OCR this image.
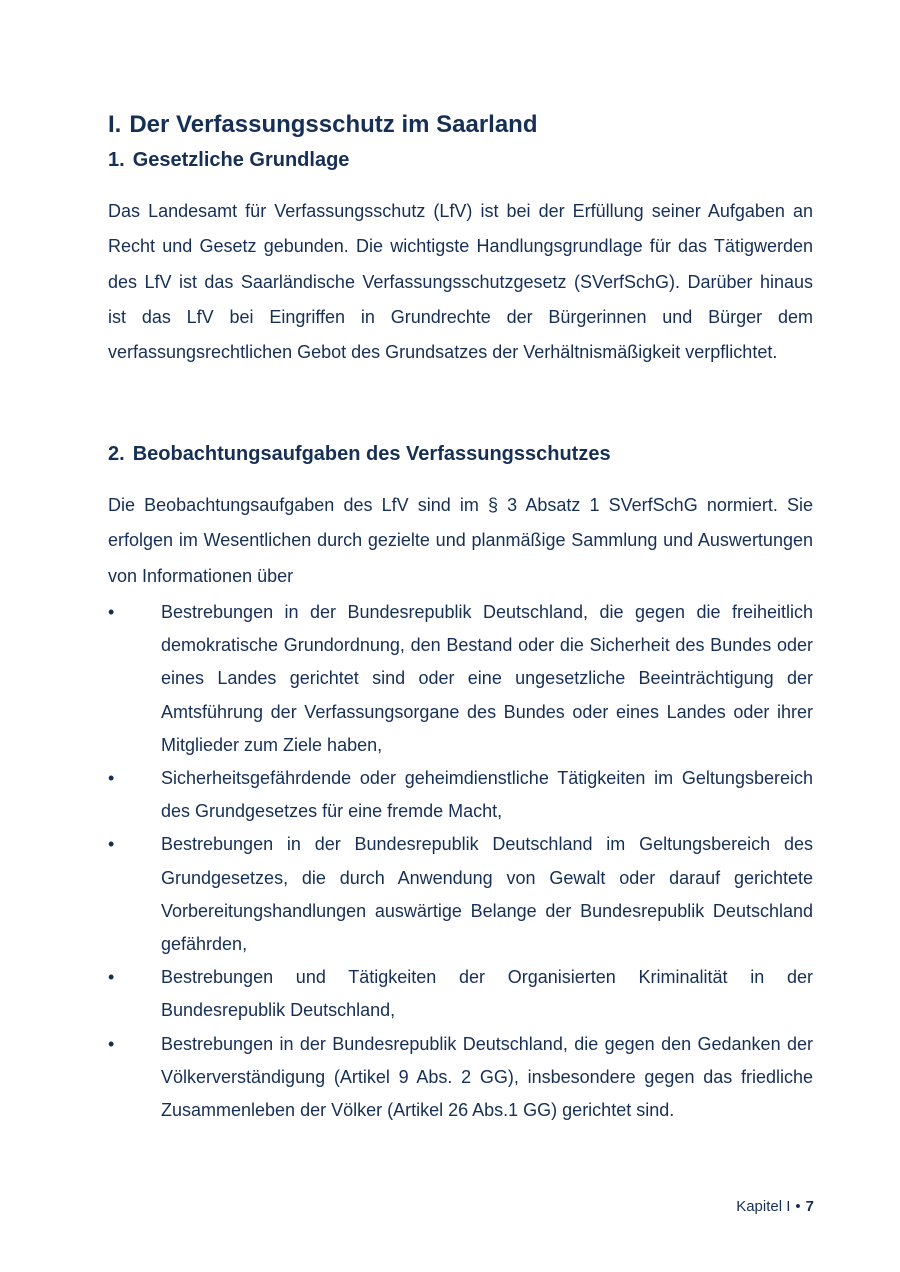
I. Der Verfassungsschutz im Saarland
1. Gesetzliche Grundlage

Das Landesamt für Verfassungsschutz (LfV) ist bei der Erfüllung seiner Aufgaben an Recht und Gesetz gebunden. Die wichtigste Handlungsgrundlage für das Tätigwerden des LfV ist das Saarländische Verfassungsschutzgesetz (SVerfSchG). Darüber hinaus ist das LfV bei Eingriffen in Grundrechte der Bürgerinnen und Bürger dem verfassungsrechtlichen Gebot des Grundsatzes der Verhältnismäßigkeit verpflichtet.

2. Beobachtungsaufgaben des Verfassungsschutzes

Die Beobachtungsaufgaben des LfV sind im § 3 Absatz 1 SVerfSchG normiert. Sie erfolgen im Wesentlichen durch gezielte und planmäßige Sammlung und Auswertungen von Informationen über

•	Bestrebungen in der Bundesrepublik Deutschland, die gegen die freiheitlich demokratische Grundordnung, den Bestand oder die Sicherheit des Bundes oder eines Landes gerichtet sind oder eine ungesetzliche Beeinträchtigung der Amtsführung der Verfassungsorgane des Bundes oder eines Landes oder ihrer Mitglieder zum Ziele haben,
•	Sicherheitsgefährdende oder geheimdienstliche Tätigkeiten im Geltungsbereich des Grundgesetzes für eine fremde Macht,
•	Bestrebungen in der Bundesrepublik Deutschland im Geltungsbereich des Grundgesetzes, die durch Anwendung von Gewalt oder darauf gerichtete Vorbereitungshandlungen auswärtige Belange der Bundesrepublik Deutschland gefährden,
•	Bestrebungen und Tätigkeiten der Organisierten Kriminalität in der Bundesrepublik Deutschland,
•	Bestrebungen in der Bundesrepublik Deutschland, die gegen den Gedanken der Völkerverständigung (Artikel 9 Abs. 2 GG), insbesondere gegen das friedliche Zusammenleben der Völker (Artikel 26 Abs.1 GG) gerichtet sind.
Kapitel I • 7
